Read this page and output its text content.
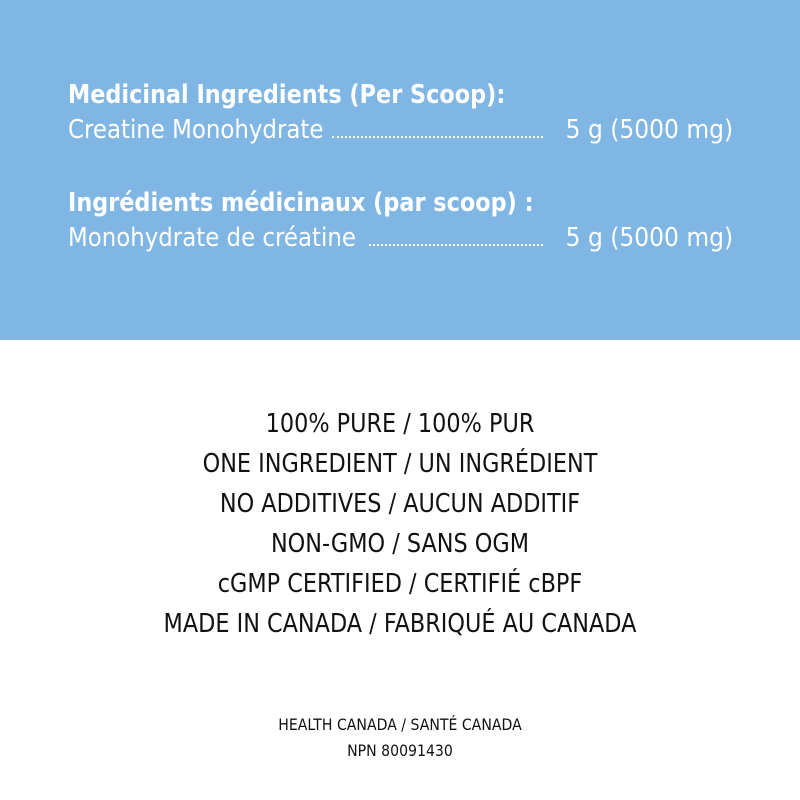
Medicinal Ingredients (Per Scoop):
Creatine Monohydrate	5 g (5000 mg)
Ingrédients médicinaux (par scoop) :
Monohydrate de créatine	5 g (5000 mg)
100% PURE / 100% PUR
ONE INGREDIENT / UN INGRÉDIENT
NO ADDITIVES / AUCUN ADDITIF
NON-GMO / SANS OGM
cGMP CERTIFIED / CERTIFIÉ cBPF
MADE IN CANADA / FABRIQUÉ AU CANADA
HEALTH CANADA / SANTÉ CANADA
NPN 80091430
